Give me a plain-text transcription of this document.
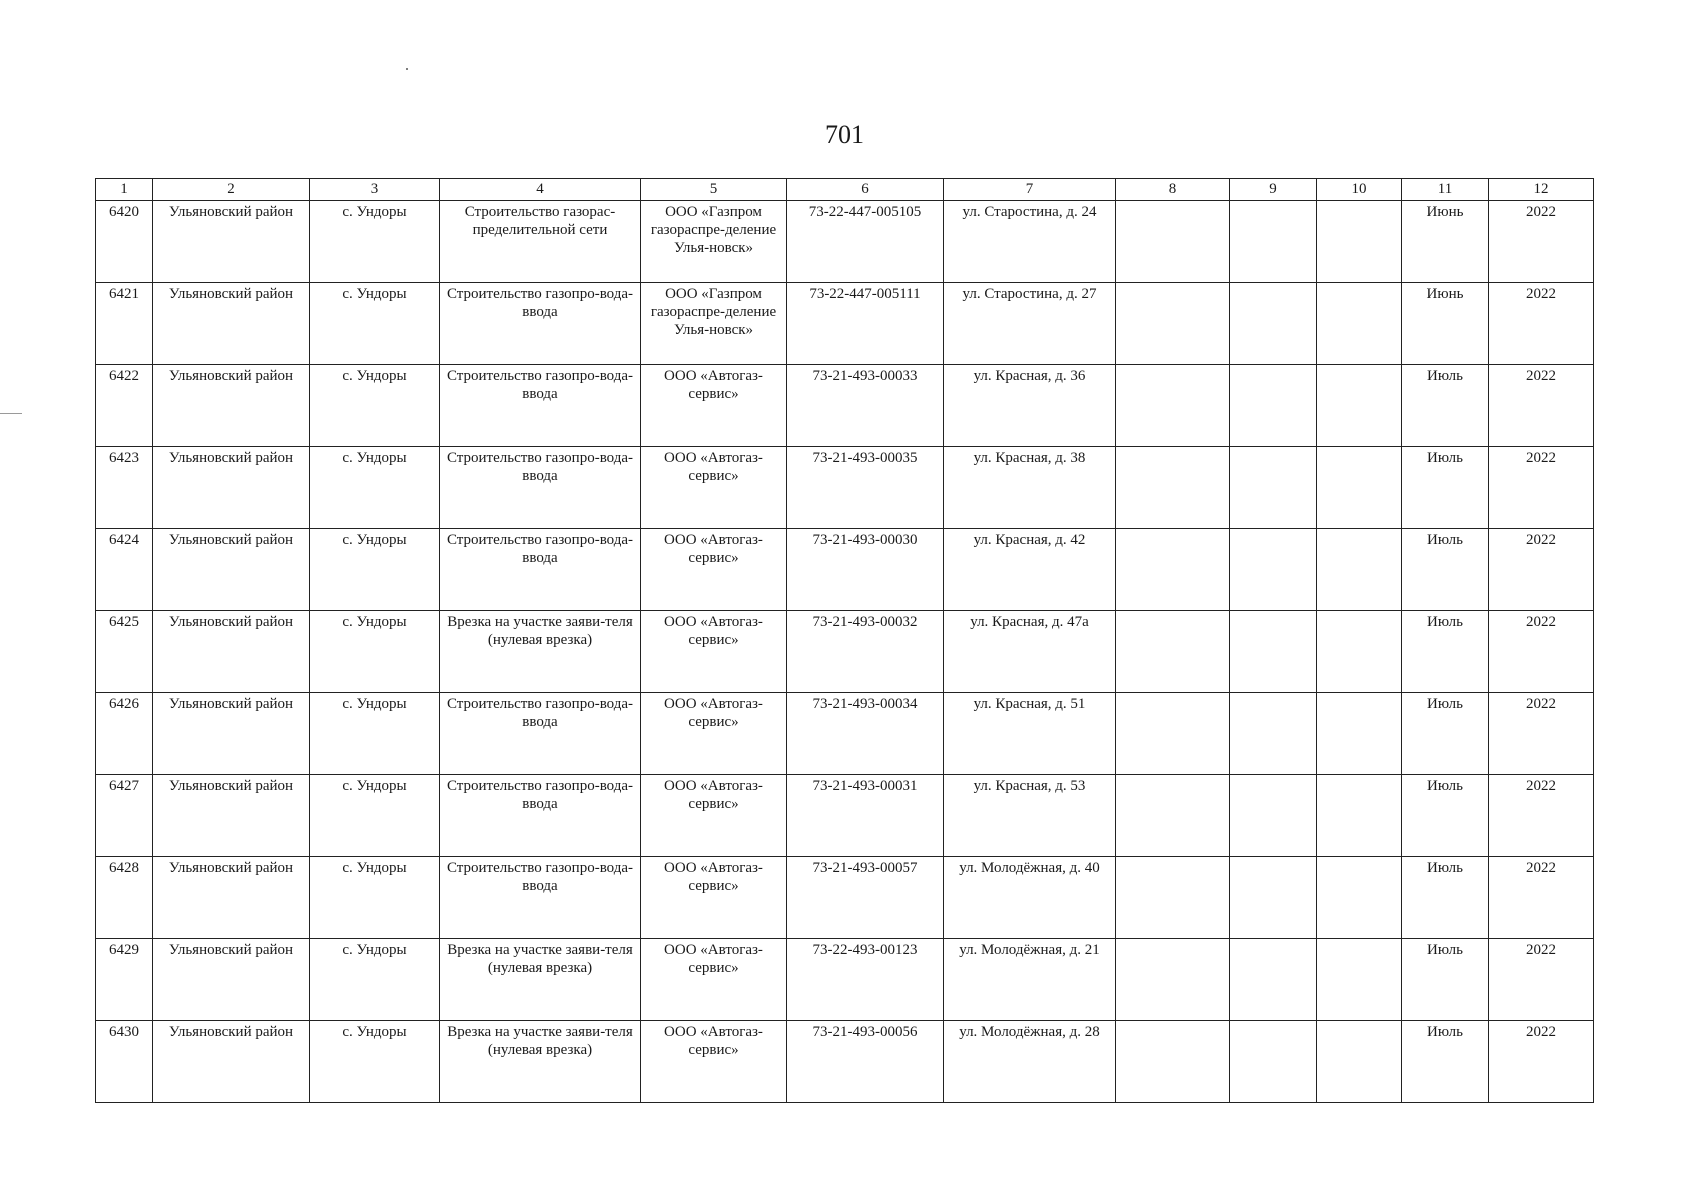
701
1	2	3	4	5	6	7	8	9	10	11	12
6420	Ульяновский район	с. Ундоры	Строительство газорас-пределительной сети	ООО «Газпром газораспре-деление Улья-новск»	73-22-447-005105	ул. Старостина, д. 24				Июнь	2022
6421	Ульяновский район	с. Ундоры	Строительство газопро-вода-ввода	ООО «Газпром газораспре-деление Улья-новск»	73-22-447-005111	ул. Старостина, д. 27				Июнь	2022
6422	Ульяновский район	с. Ундоры	Строительство газопро-вода-ввода	ООО «Автогаз-сервис»	73-21-493-00033	ул. Красная, д. 36				Июль	2022
6423	Ульяновский район	с. Ундоры	Строительство газопро-вода-ввода	ООО «Автогаз-сервис»	73-21-493-00035	ул. Красная, д. 38				Июль	2022
6424	Ульяновский район	с. Ундоры	Строительство газопро-вода-ввода	ООО «Автогаз-сервис»	73-21-493-00030	ул. Красная, д. 42				Июль	2022
6425	Ульяновский район	с. Ундоры	Врезка на участке заяви-теля (нулевая врезка)	ООО «Автогаз-сервис»	73-21-493-00032	ул. Красная, д. 47а				Июль	2022
6426	Ульяновский район	с. Ундоры	Строительство газопро-вода-ввода	ООО «Автогаз-сервис»	73-21-493-00034	ул. Красная, д. 51				Июль	2022
6427	Ульяновский район	с. Ундоры	Строительство газопро-вода-ввода	ООО «Автогаз-сервис»	73-21-493-00031	ул. Красная, д. 53				Июль	2022
6428	Ульяновский район	с. Ундоры	Строительство газопро-вода-ввода	ООО «Автогаз-сервис»	73-21-493-00057	ул. Молодёжная, д. 40				Июль	2022
6429	Ульяновский район	с. Ундоры	Врезка на участке заяви-теля (нулевая врезка)	ООО «Автогаз-сервис»	73-22-493-00123	ул. Молодёжная, д. 21				Июль	2022
6430	Ульяновский район	с. Ундоры	Врезка на участке заяви-теля (нулевая врезка)	ООО «Автогаз-сервис»	73-21-493-00056	ул. Молодёжная, д. 28				Июль	2022
